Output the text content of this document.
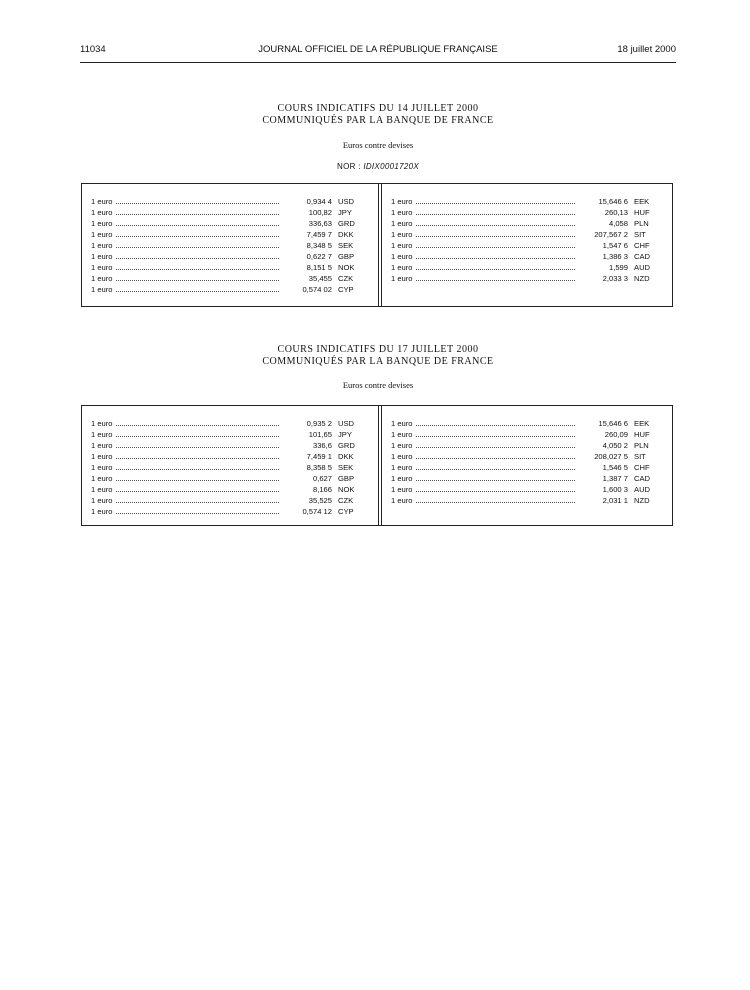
11034	JOURNAL OFFICIEL DE LA RÉPUBLIQUE FRANÇAISE	18 juillet 2000
COURS INDICATIFS DU 14 JUILLET 2000
COMMUNIQUÉS PAR LA BANQUE DE FRANCE
Euros contre devises
NOR : IDIX0001720X
1 euro	0,934 4 USD
1 euro	100,82 JPY
1 euro	336,63 GRD
1 euro	7,459 7 DKK
1 euro	8,348 5 SEK
1 euro	0,622 7 GBP
1 euro	8,151 5 NOK
1 euro	35,455 CZK
1 euro	0,574 02 CYP
1 euro	15,646 6 EEK
1 euro	260,13 HUF
1 euro	4,058 PLN
1 euro	207,567 2 SIT
1 euro	1,547 6 CHF
1 euro	1,386 3 CAD
1 euro	1,599 AUD
1 euro	2,033 3 NZD
COURS INDICATIFS DU 17 JUILLET 2000
COMMUNIQUÉS PAR LA BANQUE DE FRANCE
Euros contre devises
1 euro	0,935 2 USD
1 euro	101,65 JPY
1 euro	336,6 GRD
1 euro	7,459 1 DKK
1 euro	8,358 5 SEK
1 euro	0,627 GBP
1 euro	8,166 NOK
1 euro	35,525 CZK
1 euro	0,574 12 CYP
1 euro	15,646 6 EEK
1 euro	260,09 HUF
1 euro	4,050 2 PLN
1 euro	208,027 5 SIT
1 euro	1,546 5 CHF
1 euro	1,387 7 CAD
1 euro	1,600 3 AUD
1 euro	2,031 1 NZD
